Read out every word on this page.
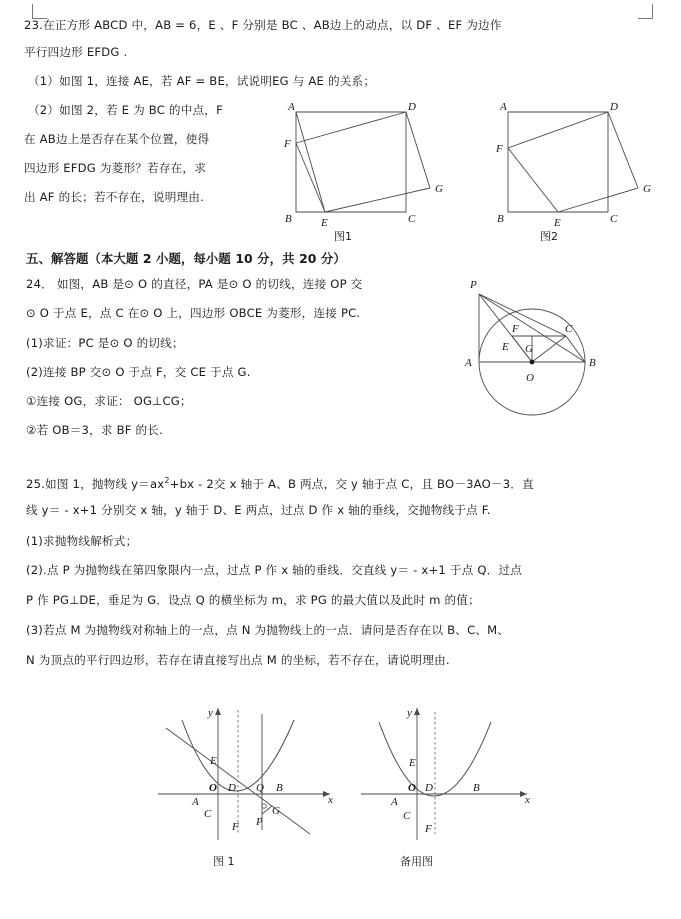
23.在正方形 ABCD 中，AB = 6，E 、F 分别是 BC 、AB边上的动点，以 DF 、EF 为边作
平行四边形 EFDG .
（1）如图 1，连接 AE，若 AF = BE，试说明EG 与 AE 的关系；
（2）如图 2，若 E 为 BC 的中点，F
在 AB边上是否存在某个位置，使得
四边形 EFDG 为菱形？若存在，求
出 AF 的长；若不存在，说明理由.
A	D
F
B	E	C
G
图1
A	D
F
B	E	C
G
图2
五、解答题（本大题 2 小题，每小题 10 分，共 20 分）
24． 如图，AB 是⊙ O 的直径，PA 是⊙ O 的切线，连接 OP 交
⊙ O 于点 E，点 C 在⊙ O 上，四边形 OBCE 为菱形，连接 PC.
(1)求证：PC 是⊙ O 的切线；
(2)连接 BP 交⊙ O 于点 F，交 CE 于点 G.
①连接 OG，求证： OG⊥CG；
②若 OB＝3，求 BF 的长.
P
A	B
O
C
E
F
G
25.如图 1，抛物线 $y=ax^2+bx - 2$交 x 轴于 A、B 两点，交 y 轴于点 C，且 BO－3AO－3．直
线 y＝ - x+1 分别交 x 轴，y 轴于 D、E 两点，过点 D 作 x 轴的垂线，交抛物线于点 F.
(1)求抛物线解析式；
(2).点 P 为抛物线在第四象限内一点，过点 P 作 x 轴的垂线．交直线 y＝ - x+1 于点 Q．过点
P 作 PG⊥DE，垂足为 G．设点 Q 的横坐标为 m，求 PG 的最大值以及此时 m 的值；
(3)若点 M 为抛物线对称轴上的一点，点 N 为抛物线上的一点．请问是否存在以 B、C、M、
N 为顶点的平行四边形，若存在请直接写出点 M 的坐标，若不存在，请说明理由.
A
O D Q B
C
E
F
G
P
y
x
图 1
A
O D	B
C
E
F
y
x
备用图
